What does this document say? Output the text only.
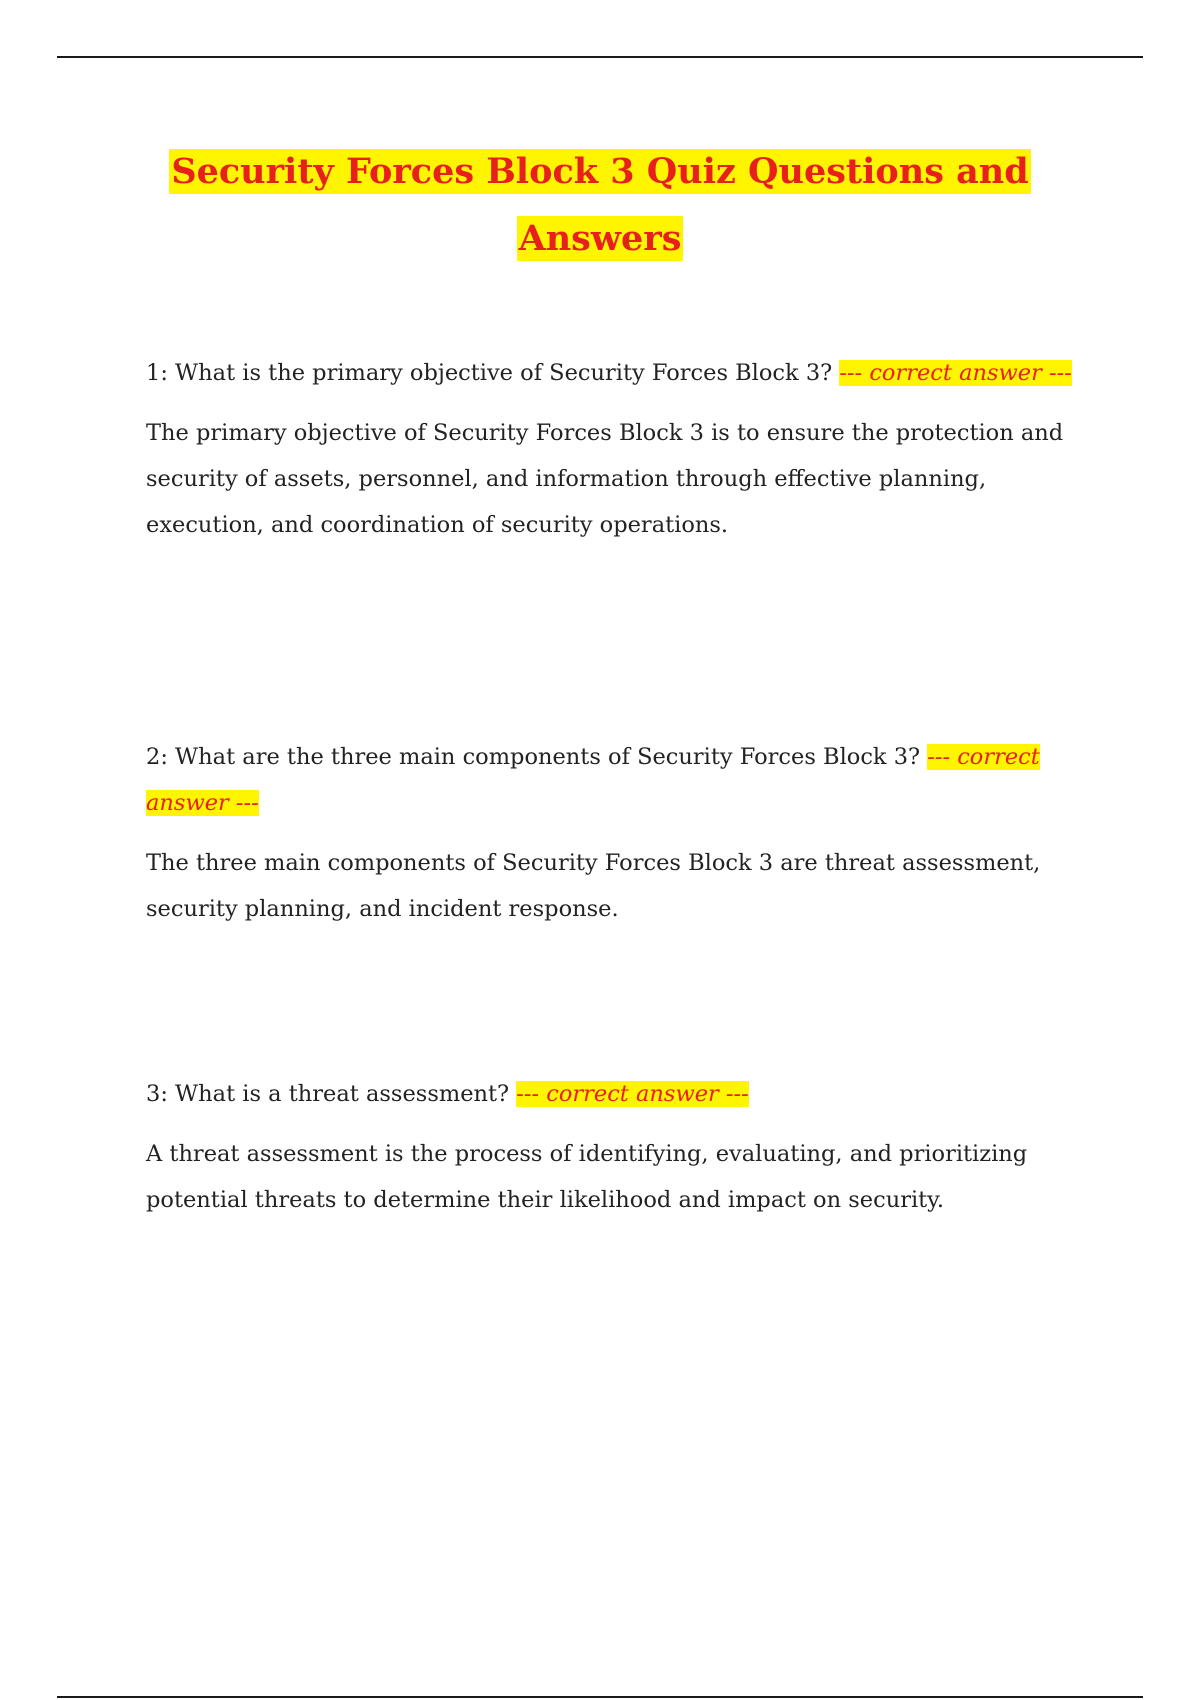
Security Forces Block 3 Quiz Questions and Answers

1: What is the primary objective of Security Forces Block 3? --- correct answer ---

The primary objective of Security Forces Block 3 is to ensure the protection and security of assets, personnel, and information through effective planning, execution, and coordination of security operations.

2: What are the three main components of Security Forces Block 3? --- correct answer ---

The three main components of Security Forces Block 3 are threat assessment, security planning, and incident response.

3: What is a threat assessment? --- correct answer ---

A threat assessment is the process of identifying, evaluating, and prioritizing potential threats to determine their likelihood and impact on security.
